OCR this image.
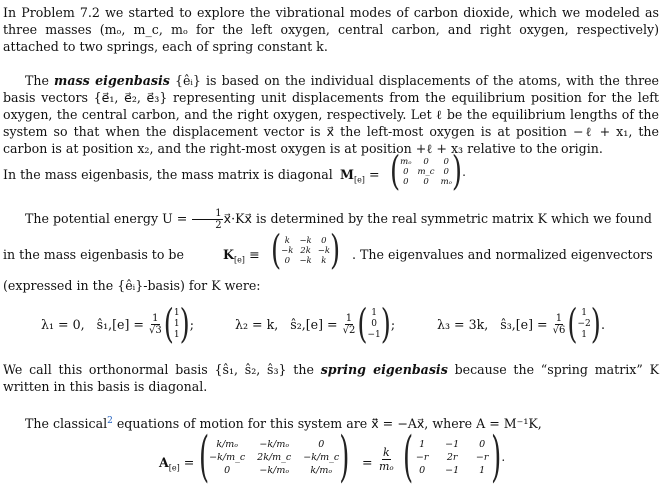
In Problem 7.2 we started to explore the vibrational modes of carbon dioxide, which we modeled as three masses (mₒ, m_c, mₒ for the left oxygen, central carbon, and right oxygen, respectively) attached to two springs, each of spring constant k.

The mass eigenbasis {êᵢ} is based on the individual displacements of the atoms, with the three basis vectors {e⃗₁, e⃗₂, e⃗₃} representing unit displacements from the equilibrium position for the left oxygen, the central carbon, and the right oxygen, respectively. Let ℓ be the equilibrium lengths of the system so that when the displacement vector is x⃗ the left-most oxygen is at position −ℓ + x₁, the carbon is at position x₂, and the right-most oxygen is at position +ℓ + x₃ relative to the origin.

In the mass eigenbasis, the mass matrix is diagonal $M_{[e]}$ = ( mₒ	0	0
0	m_c	0
0	0	mₒ ) .
The potential energy $U = \frac{1}{2}$ x⃗·Kx⃗ is determined by the real symmetric matrix K which we found
in the mass eigenbasis to be	$K_{[e]}$ ≡ ( k	−k	0
−k 2k −k
0	−k	k ) . The eigenvalues and normalized eigenvectors
(expressed in the {êᵢ}-basis) for K were:
λ₁ = 0, ŝ₁,[e] = $\frac{1}{√3}$ ( 1
1
1 ) ;	λ₂ = k, ŝ₂,[e] = $\frac{1}{√2}$ ( 1
0
−1 ) ;	λ₃ = 3k, ŝ₃,[e] = $\frac{1}{√6}$ ( 1
−2
1 ) .

We call this orthonormal basis {ŝ₁, ŝ₂, ŝ₃} the spring eigenbasis because the “spring matrix” K written in this basis is diagonal.

The classical$^2$ equations of motion for this system are x⃗̈ = −Ax⃗, where A = M⁻¹K,
$A_{[e]}$ = ( k/mₒ	−k/mₒ	0
−k/m_c 2k/m_c −k/m_c
0	−k/mₒ	k/mₒ ) = $\frac{k}{\text{mₒ}}$ ( 1	−1	0
−r	2r	−r
0	−1	1 ) .
